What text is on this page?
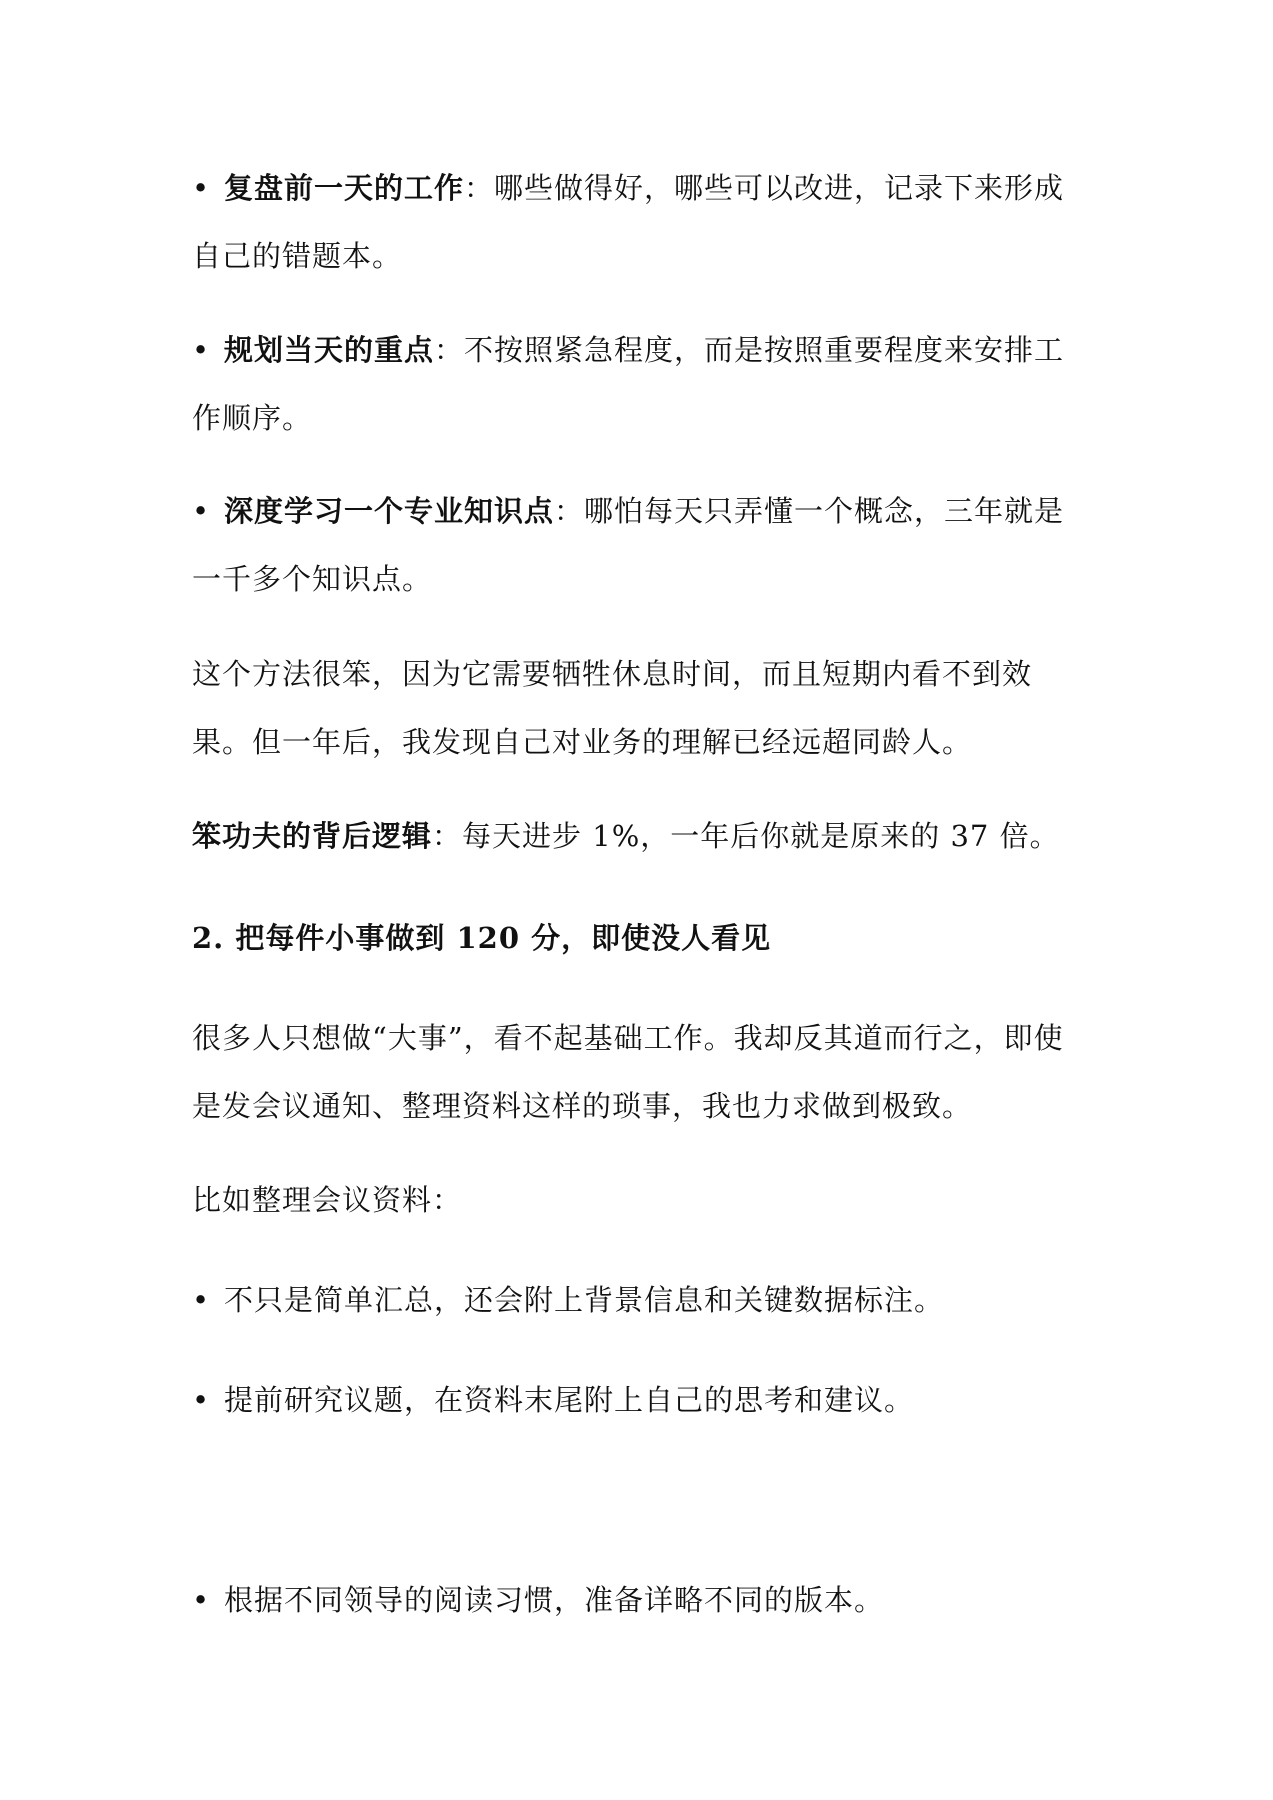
• 复盘前一天的工作：哪些做得好，哪些可以改进，记录下来形成自己的错题本。
• 规划当天的重点：不按照紧急程度，而是按照重要程度来安排工作顺序。
• 深度学习一个专业知识点：哪怕每天只弄懂一个概念，三年就是一千多个知识点。
这个方法很笨，因为它需要牺牲休息时间，而且短期内看不到效果。但一年后，我发现自己对业务的理解已经远超同龄人。
笨功夫的背后逻辑：每天进步 1%，一年后你就是原来的 37 倍。
2. 把每件小事做到 120 分，即使没人看见
很多人只想做“大事”，看不起基础工作。我却反其道而行之，即使是发会议通知、整理资料这样的琐事，我也力求做到极致。
比如整理会议资料：
• 不只是简单汇总，还会附上背景信息和关键数据标注。
• 提前研究议题，在资料末尾附上自己的思考和建议。
• 根据不同领导的阅读习惯，准备详略不同的版本。
